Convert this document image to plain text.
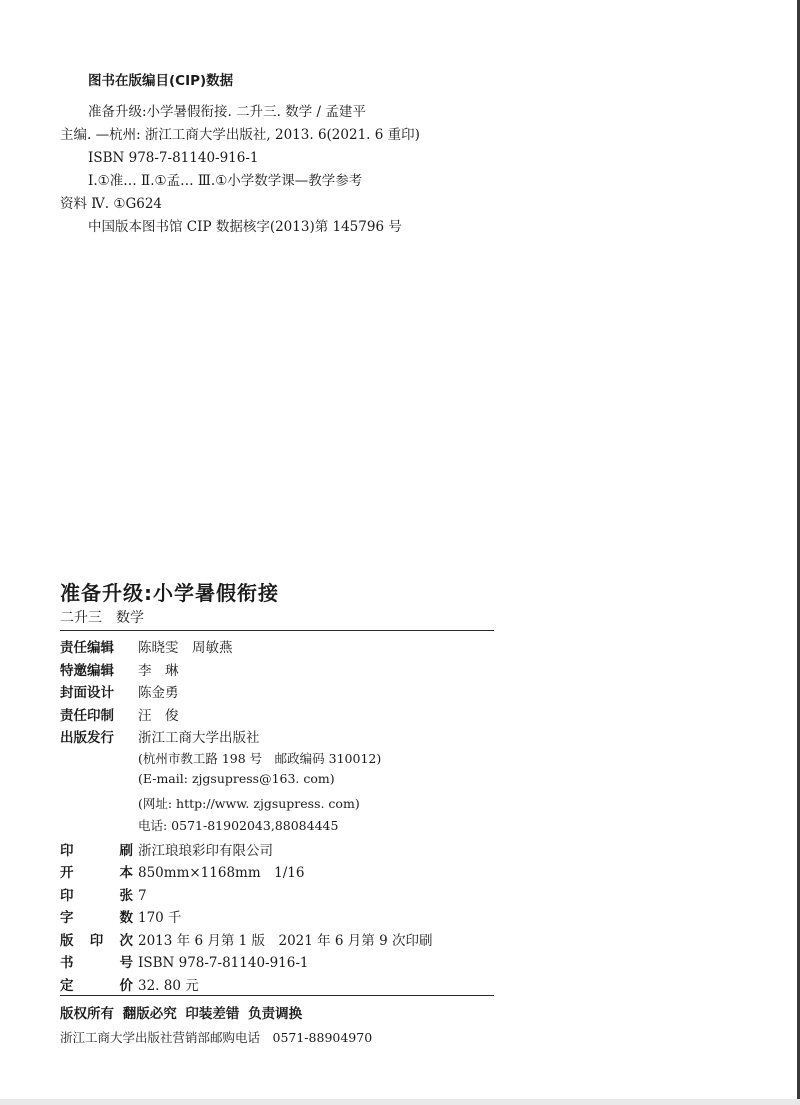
图书在版编目(CIP)数据

准备升级:小学暑假衔接. 二升三. 数学 / 孟建平

主编. —杭州: 浙江工商大学出版社, 2013. 6(2021. 6 重印)

ISBN 978-7-81140-916-1

Ⅰ.①准… Ⅱ.①孟… Ⅲ.①小学数学课—教学参考

资料 Ⅳ. ①G624

中国版本图书馆 CIP 数据核字(2013)第 145796 号

准备升级:小学暑假衔接
二升三　数学
责任编辑	陈晓雯　周敏燕
特邀编辑	李　琳
封面设计	陈金勇
责任印制	汪　俊
出版发行	浙江工商大学出版社
(杭州市教工路 198 号　邮政编码 310012)
(E-mail: zjgsupress@163. com)
(网址: http://www. zjgsupress. com)
电话: 0571-81902043,88084445
印	刷 浙江琅琅彩印有限公司
开	本 850mm×1168mm　1/16
印	张 7
字	数 170 千
版 印 次 2013 年 6 月第 1 版　2021 年 6 月第 9 次印刷
书	号 ISBN 978-7-81140-916-1
定	价 32. 80 元
版权所有 翻版必究 印装差错 负责调换
浙江工商大学出版社营销部邮购电话　0571-88904970
